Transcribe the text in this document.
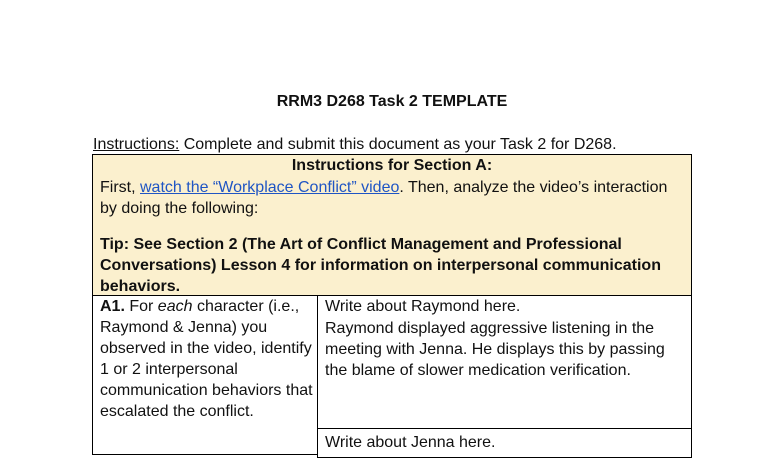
RRM3 D268 Task 2 TEMPLATE
Instructions: Complete and submit this document as your Task 2 for D268.
Instructions for Section A:
First, watch the “Workplace Conflict” video. Then, analyze the video’s interaction by doing the following:
Tip: See Section 2 (The Art of Conflict Management and Professional Conversations) Lesson 4 for information on interpersonal communication behaviors.
A1. For each character (i.e., Raymond & Jenna) you observed in the video, identify 1 or 2 interpersonal communication behaviors that escalated the conflict.
Write about Raymond here.
Raymond displayed aggressive listening in the meeting with Jenna. He displays this by passing the blame of slower medication verification.
Write about Jenna here.
